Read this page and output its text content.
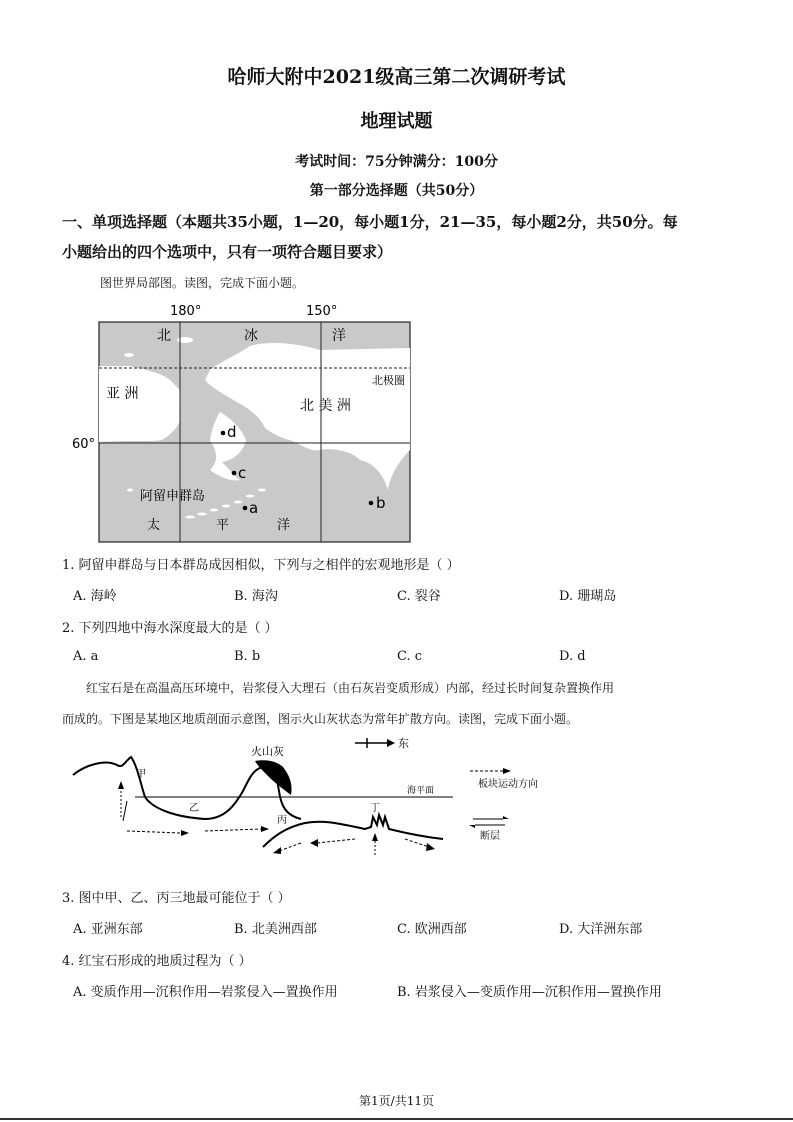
哈师大附中2021级高三第二次调研考试
地理试题
考试时间：75分钟满分：100分
第一部分选择题（共50分）
一、单项选择题（本题共35小题，1—20，每小题1分，21—35，每小题2分，共50分。每
小题给出的四个选项中，只有一项符合题目要求）
图世界局部图。读图，完成下面小题。
180°	150°
60°
北	冰	洋
北极圈
亚 洲
北 美 洲
阿留申群岛
太	平	洋
d
c
a	b
1. 阿留申群岛与日本群岛成因相似，下列与之相伴的宏观地形是（ ）
A. 海岭	B. 海沟	C. 裂谷	D. 珊瑚岛
2. 下列四地中海水深度最大的是（ ）
A. a	B. b	C. c	D. d
红宝石是在高温高压环境中，岩浆侵入大理石（由石灰岩变质形成）内部，经过长时间复杂置换作用
而成的。下图是某地区地质剖面示意图，图示火山灰状态为常年扩散方向。读图，完成下面小题。
东
火山灰
海平面
丁
甲
乙
丙
板块运动方向
断层
3. 图中甲、乙、丙三地最可能位于（ ）
A. 亚洲东部	B. 北美洲西部	C. 欧洲西部	D. 大洋洲东部
4. 红宝石形成的地质过程为（ ）
A. 变质作用—沉积作用—岩浆侵入—置换作用	B. 岩浆侵入—变质作用—沉积作用—置换作用
第1页/共11页
